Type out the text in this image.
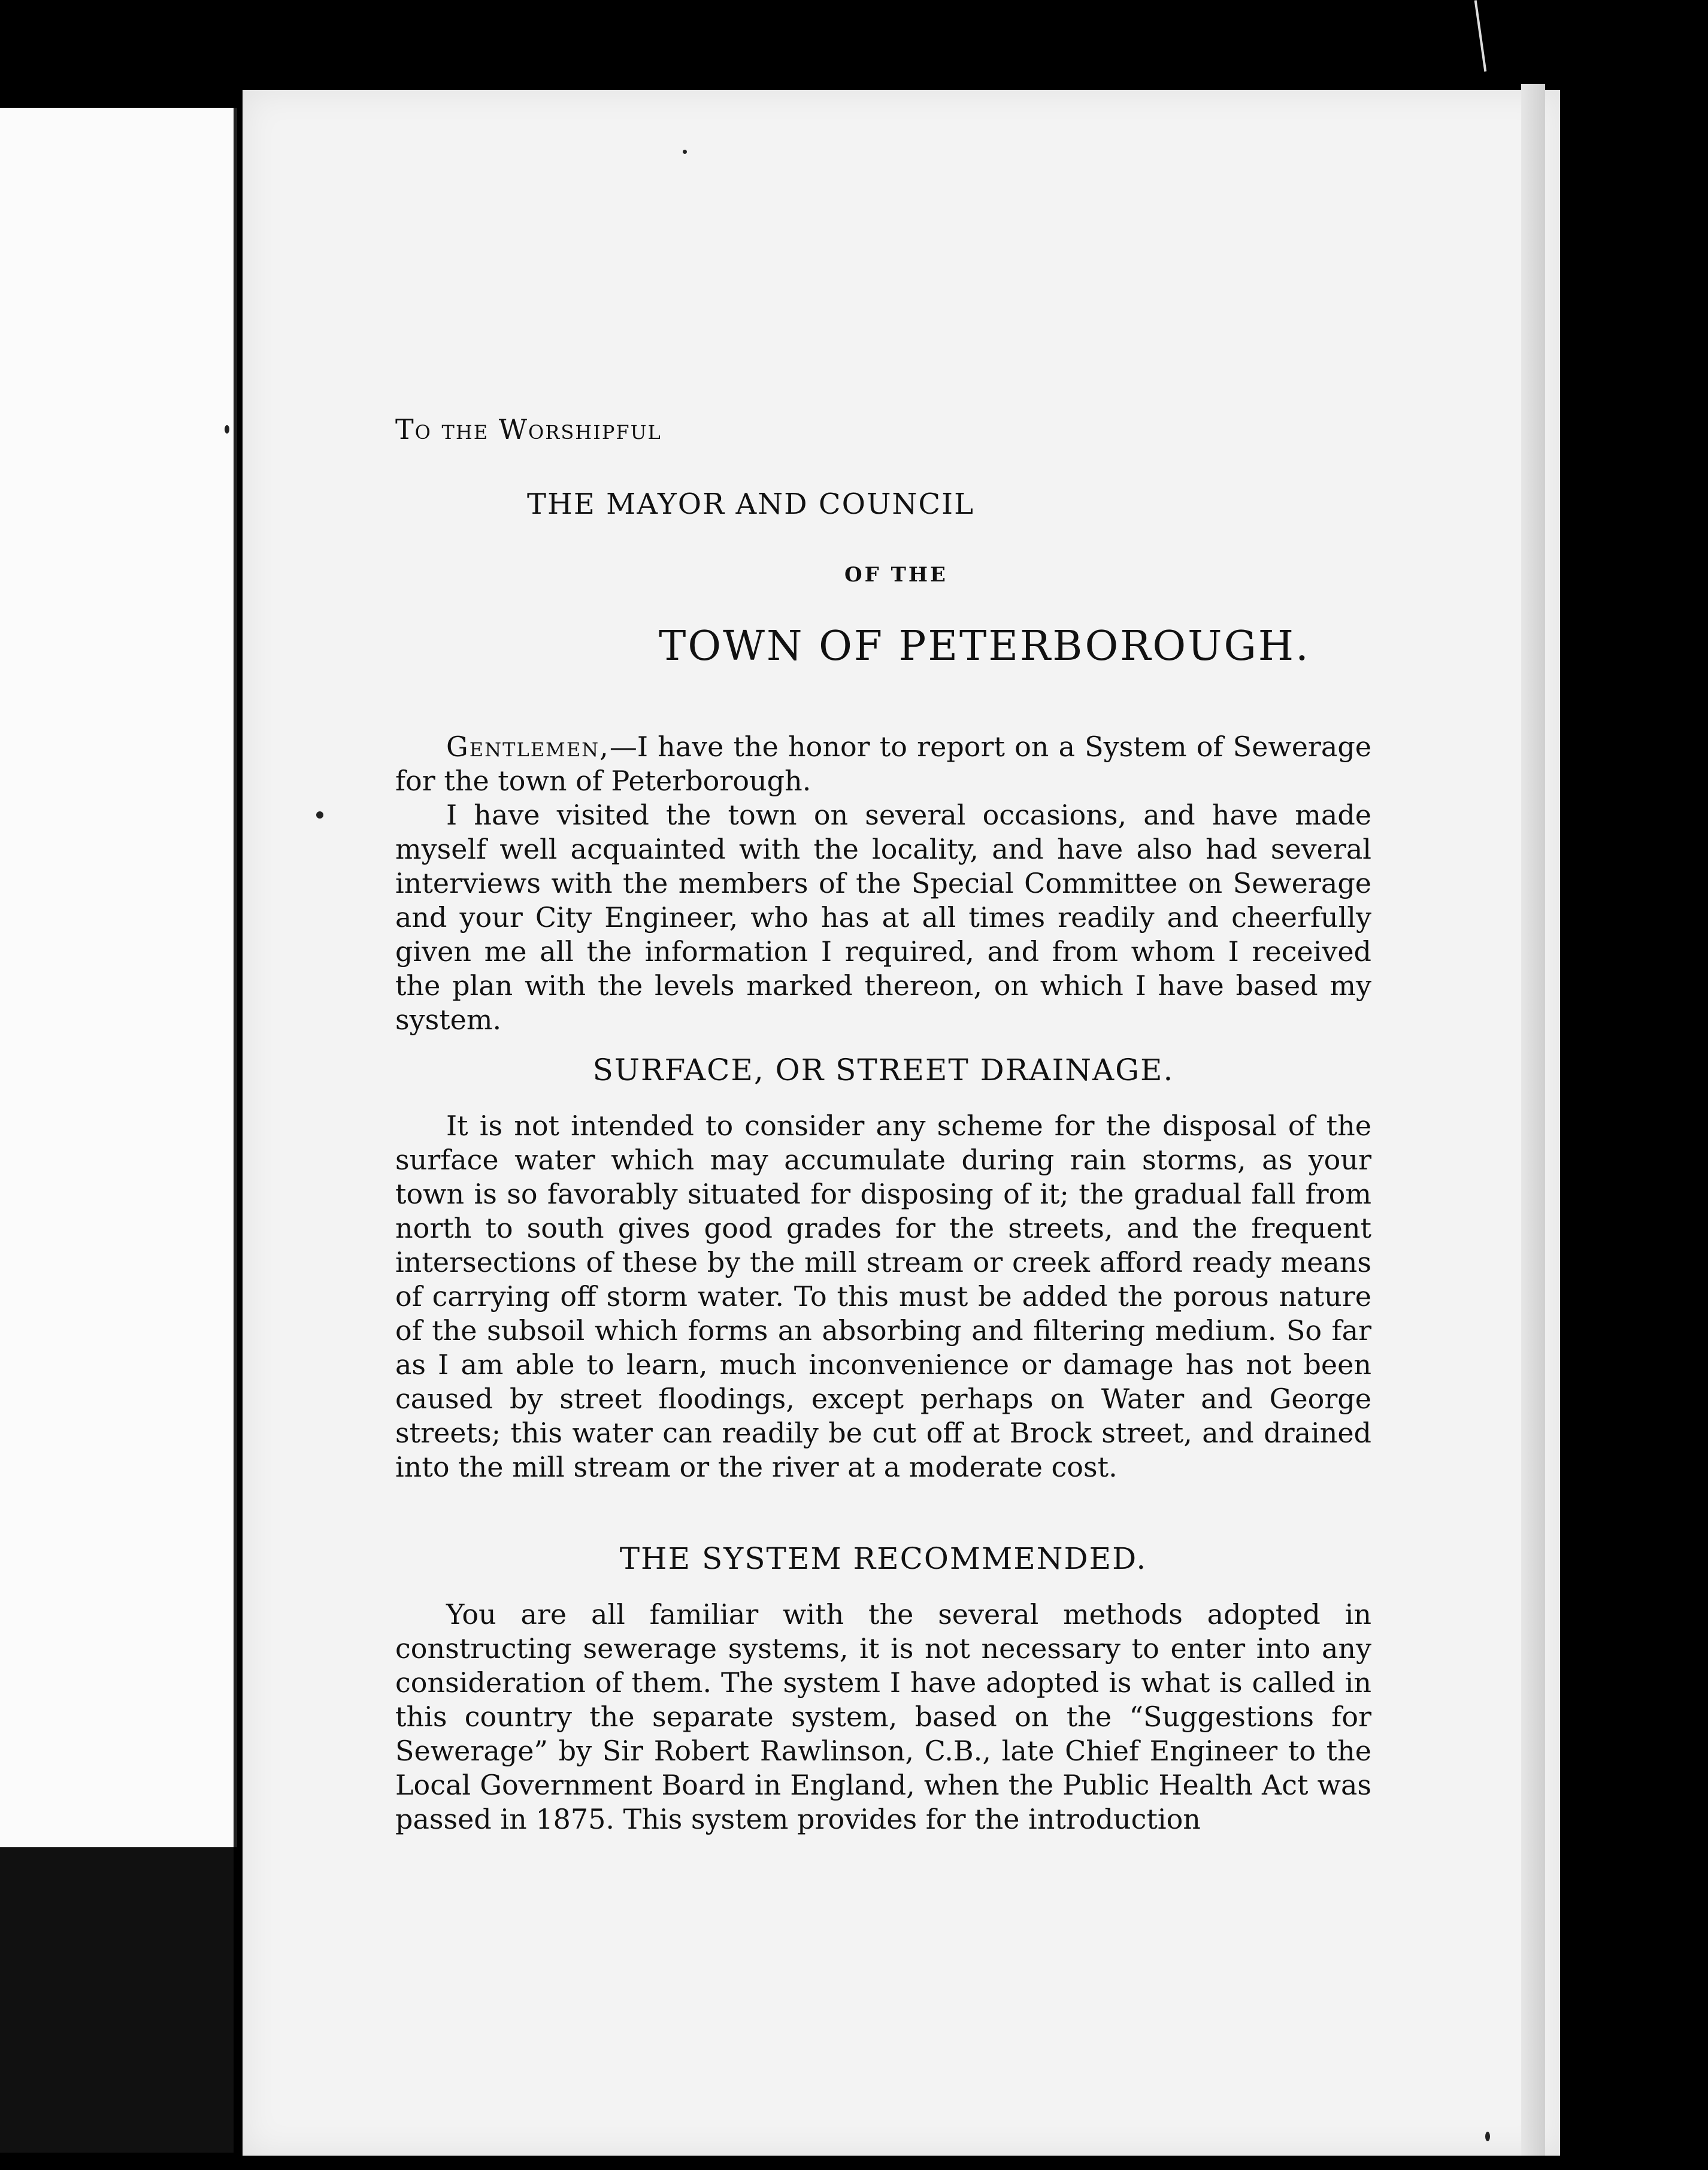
To the Worshipful
THE MAYOR AND COUNCIL
OF THE
TOWN OF PETERBOROUGH.

Gentlemen,—I have the honor to report on a System of Sewerage for the town of Peterborough.

I have visited the town on several occasions, and have made myself well acquainted with the locality, and have also had several interviews with the members of the Special Committee on Sewerage and your City Engineer, who has at all times readily and cheerfully given me all the information I required, and from whom I received the plan with the levels marked thereon, on which I have based my system.

SURFACE, OR STREET DRAINAGE.

It is not intended to consider any scheme for the disposal of the surface water which may accumulate during rain storms, as your town is so favorably situated for disposing of it; the gradual fall from north to south gives good grades for the streets, and the frequent intersections of these by the mill stream or creek afford ready means of carrying off storm water. To this must be added the porous nature of the subsoil which forms an absorbing and filtering medium. So far as I am able to learn, much inconvenience or damage has not been caused by street floodings, except perhaps on Water and George streets; this water can readily be cut off at Brock street, and drained into the mill stream or the river at a moderate cost.

THE SYSTEM RECOMMENDED.

You are all familiar with the several methods adopted in constructing sewerage systems, it is not necessary to enter into any consideration of them. The system I have adopted is what is called in this country the separate system, based on the “Suggestions for Sewerage” by Sir Robert Rawlinson, C.B., late Chief Engineer to the Local Government Board in England, when the Public Health Act was passed in 1875. This system provides for the introduction
